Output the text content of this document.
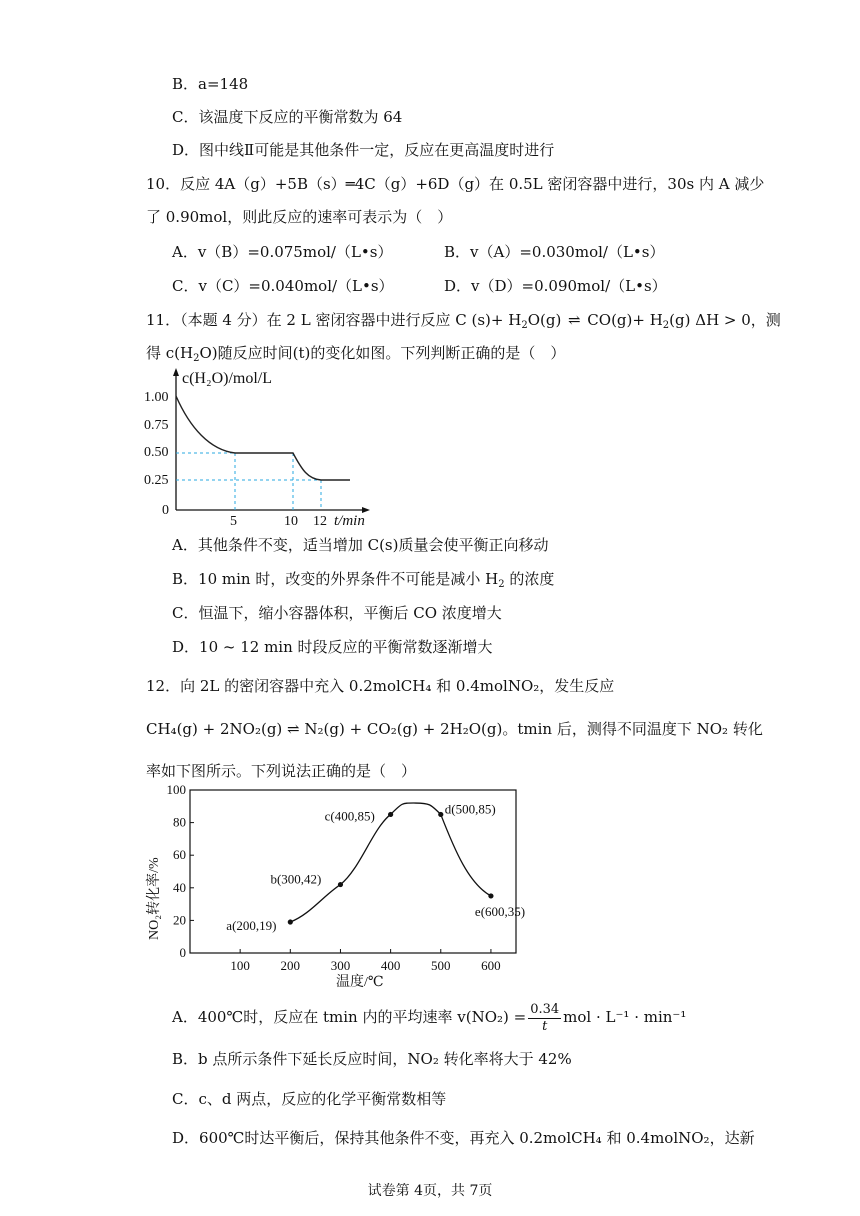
B．a=148
C．该温度下反应的平衡常数为 64
D．图中线Ⅱ可能是其他条件一定，反应在更高温度时进行
10．反应 4A（g）+5B（s）═4C（g）+6D（g）在 0.5L 密闭容器中进行，30s 内 A 减少
了 0.90mol，则此反应的速率可表示为（　）
A．v（B）=0.075mol/（L•s）	B．v（A）=0.030mol/（L•s）
C．v（C）=0.040mol/（L•s）	D．v（D）=0.090mol/（L•s）
11．（本题 4 分）在 2 L 密闭容器中进行反应 C $(s)+ H_2O(g)$ ⇌ $CO(g)+ H_2(g) \Delta H > 0$，测
得 $c(H_2O)$随反应时间(t)的变化如图。下列判断正确的是（　）
c(H₂O)/mol/L
1.00
0.75
0.50
0.25
0
5	10 12 t/min
A．其他条件不变，适当增加 C(s)质量会使平衡正向移动
B．10 min 时，改变的外界条件不可能是减小 $H_2$ 的浓度
C．恒温下，缩小容器体积，平衡后 CO 浓度增大
D．10 ~ 12 min 时段反应的平衡常数逐渐增大
12．向 2L 的密闭容器中充入 0.2molCH₄ 和 0.4molNO₂，发生反应
CH₄(g) + 2NO₂(g) ⇌ N₂(g) + CO₂(g) + 2H₂O(g)。tmin 后，测得不同温度下 NO₂ 转化
率如下图所示。下列说法正确的是（　）
NO₂转化率/%
温度/℃
100 200 300 400 500 600
0
20
40
60
80
100
a(200,19)
b(300,42)
c(400,85)	d(500,85)
e(600,35)
A．400℃时，反应在 tmin 内的平均速率 $v(NO_2) = \frac{0.34}{t}$ mol · L⁻¹ · min⁻¹
B．b 点所示条件下延长反应时间，NO₂ 转化率将大于 42%
C．c、d 两点，反应的化学平衡常数相等
D．600℃时达平衡后，保持其他条件不变，再充入 0.2molCH₄ 和 0.4molNO₂，达新
试卷第 4页，共 7页
